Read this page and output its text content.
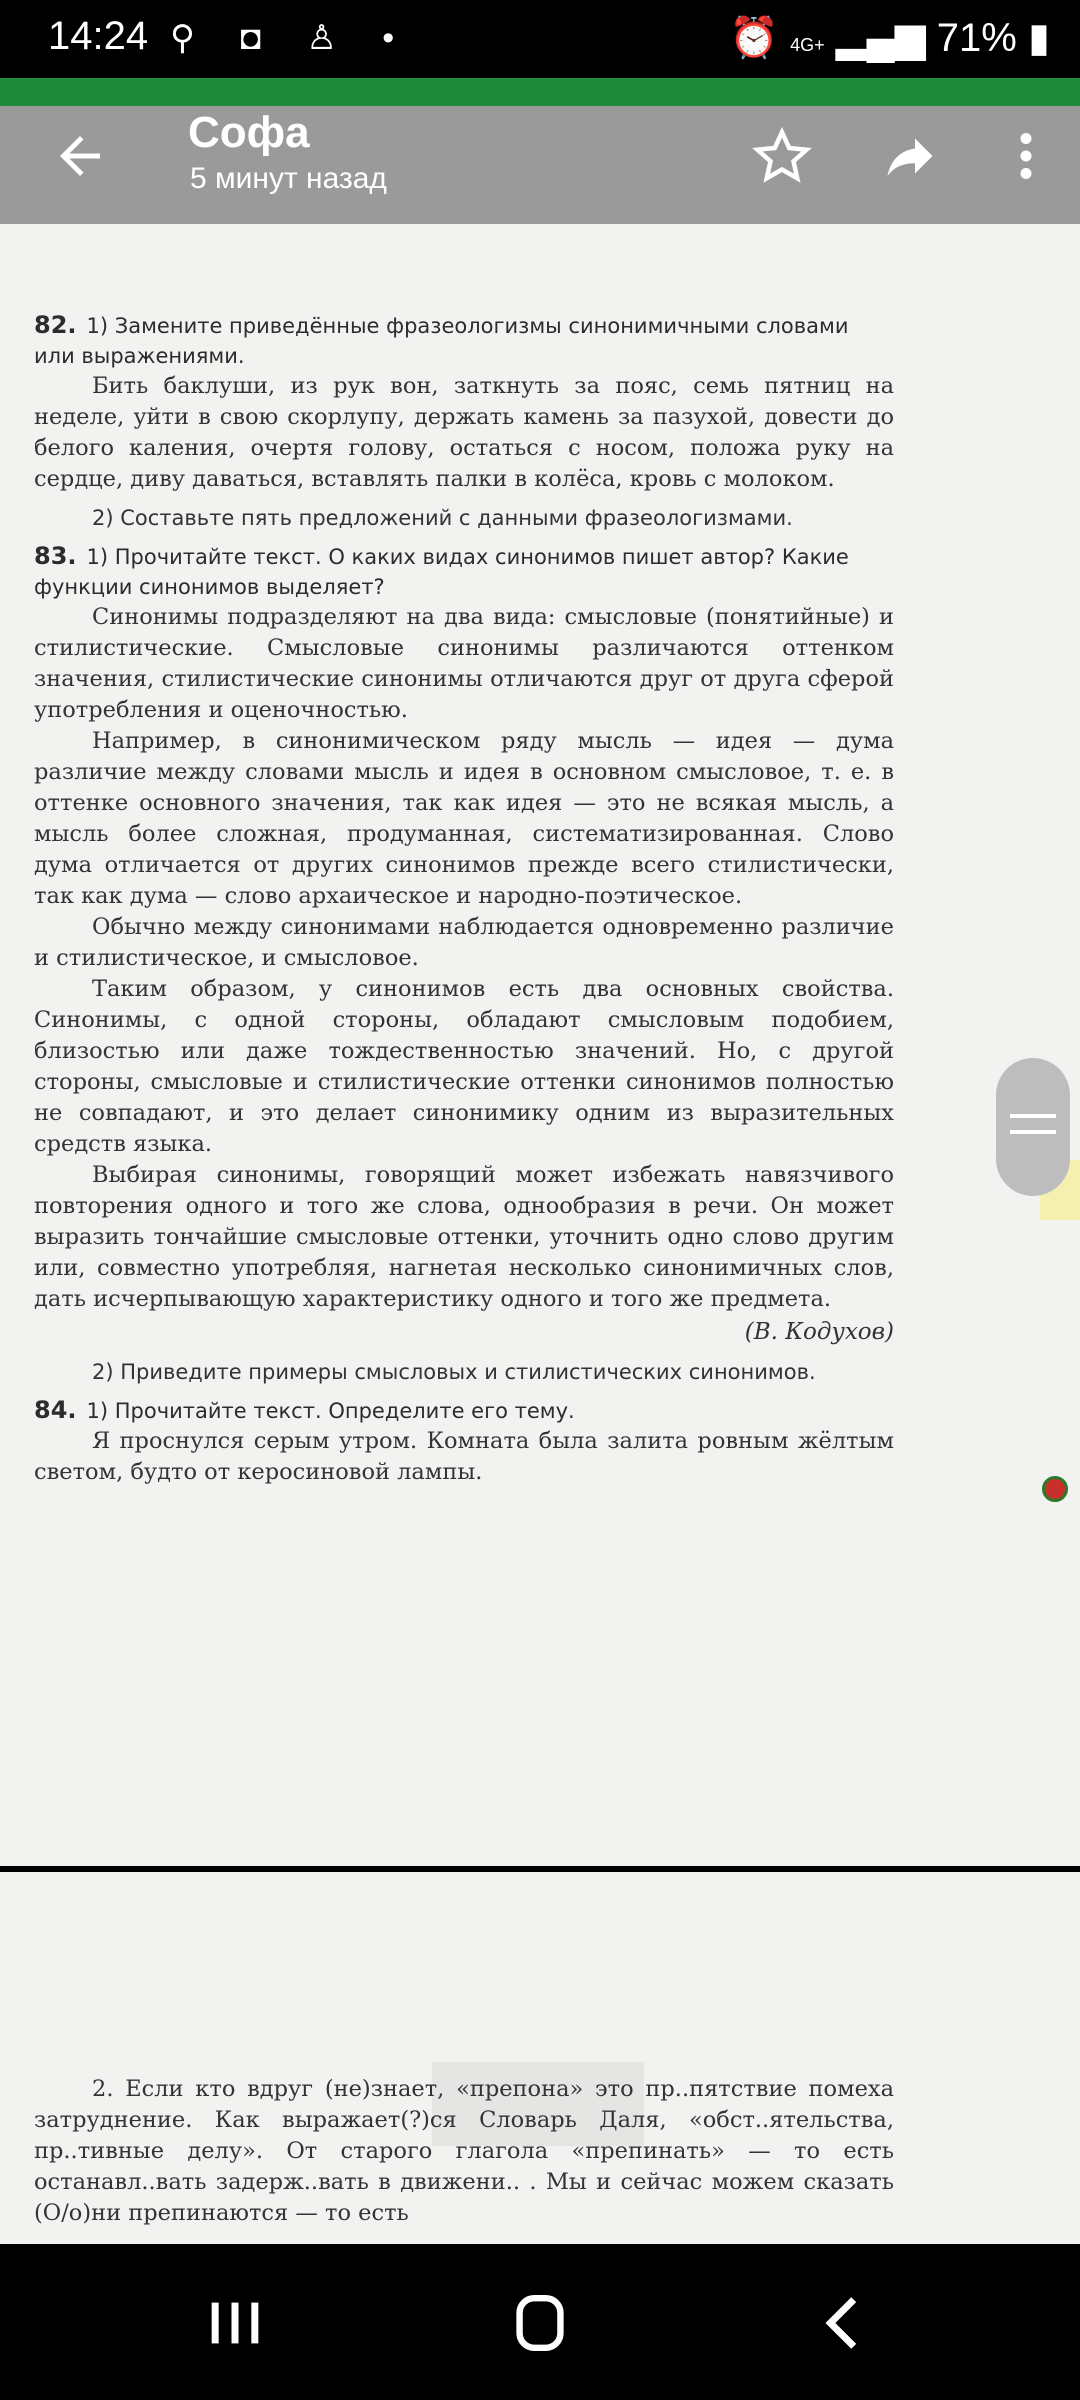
14:24 ⚲ ◘ ♙ •	⏰ 4G+ ▂▄▆ 71% ▮
Софа
5 минут назад

82. 1) Замените приведённые фразеологизмы синонимичными словами или выражениями.

Бить баклуши, из рук вон, заткнуть за пояс, семь пятниц на неделе, уйти в свою скорлупу, держать камень за пазухой, довести до белого каления, очертя голову, остаться с носом, положа руку на сердце, диву даваться, вставлять палки в колёса, кровь с молоком.

2) Составьте пять предложений с данными фразеологизмами.

83. 1) Прочитайте текст. О каких видах синонимов пишет автор? Какие функции синонимов выделяет?

Синонимы подразделяют на два вида: смысловые (понятийные) и стилистические. Смысловые синонимы различаются оттенком значения, стилистические синонимы отличаются друг от друга сферой употребления и оценочностью.

Например, в синонимическом ряду мысль — идея — дума различие между словами мысль и идея в основном смысловое, т. е. в оттенке основного значения, так как идея — это не всякая мысль, а мысль более сложная, продуманная, систематизированная. Слово дума отличается от других синонимов прежде всего стилистически, так как дума — слово архаическое и народно-поэтическое.

Обычно между синонимами наблюдается одновременно различие и стилистическое, и смысловое.

Таким образом, у синонимов есть два основных свойства. Синонимы, с одной стороны, обладают смысловым подобием, близостью или даже тождественностью значений. Но, с другой стороны, смысловые и стилистические оттенки синонимов полностью не совпадают, и это делает синонимику одним из выразительных средств языка.

Выбирая синонимы, говорящий может избежать навязчивого повторения одного и того же слова, однообразия в речи. Он может выразить тончайшие смысловые оттенки, уточнить одно слово другим или, совместно употребляя, нагнетая несколько синонимичных слов, дать исчерпывающую характеристику одного и того же предмета.

(В. Кодухов)

2) Приведите примеры смысловых и стилистических синонимов.

84. 1) Прочитайте текст. Определите его тему.

Я проснулся серым утром. Комната была залита ровным жёлтым светом, будто от керосиновой лампы.

2. Если кто вдруг (не)знает, «препона» это пр..пятствие помеха затруднение. Как выражает(?)ся Словарь Даля, «обст..ятельства, пр..тивные делу». От старого глагола «препинать» — то есть останавл..вать задерж..вать в движени.. . Мы и сейчас можем сказать (О/о)ни препинаются — то есть
